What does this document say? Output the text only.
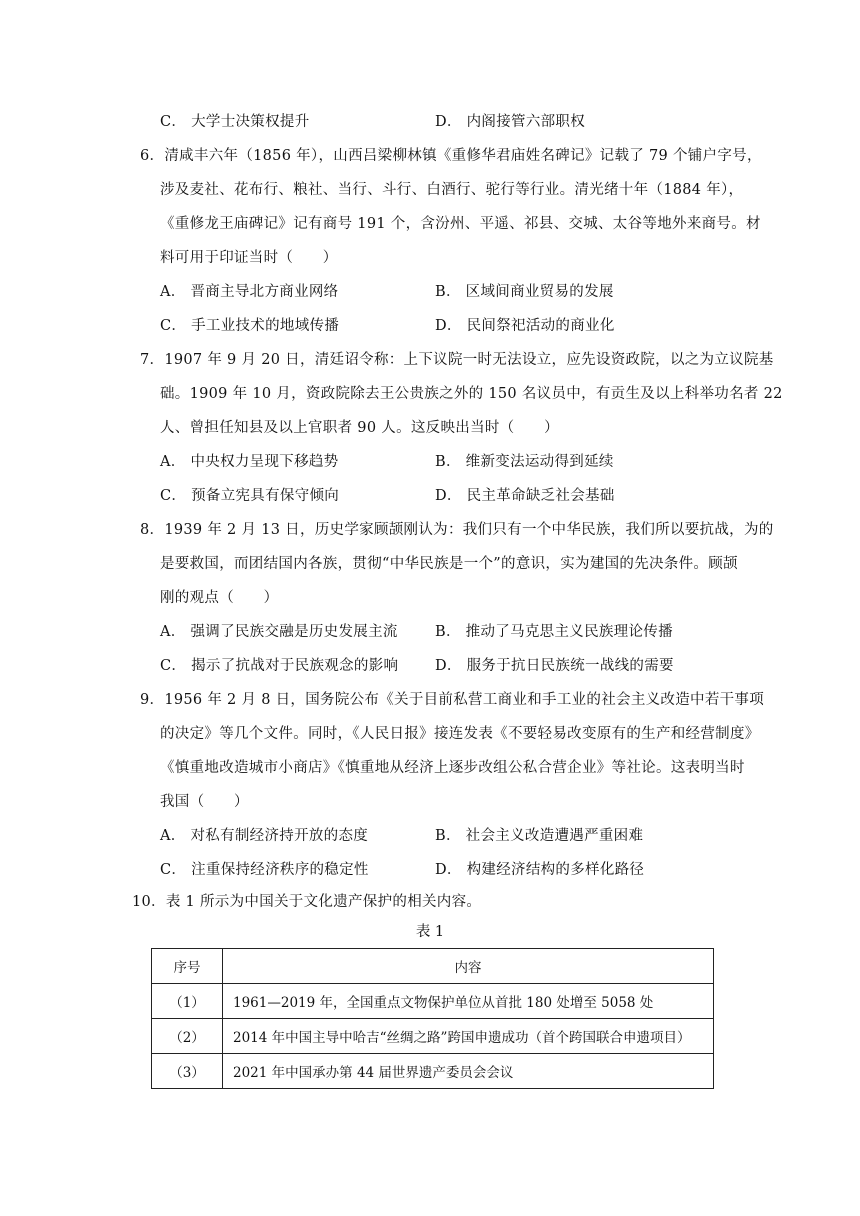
C． 大学士决策权提升	D． 内阁接管六部职权
6．清咸丰六年（1856 年），山西吕梁柳林镇《重修华君庙姓名碑记》记载了 79 个铺户字号，
涉及麦社、花布行、粮社、当行、斗行、白酒行、驼行等行业。清光绪十年（1884 年），
《重修龙王庙碑记》记有商号 191 个，含汾州、平遥、祁县、交城、太谷等地外来商号。材
料可用于印证当时（　　）
A． 晋商主导北方商业网络	B． 区域间商业贸易的发展
C． 手工业技术的地域传播	D． 民间祭祀活动的商业化
7．1907 年 9 月 20 日，清廷诏令称：上下议院一时无法设立，应先设资政院，以之为立议院基
础。1909 年 10 月，资政院除去王公贵族之外的 150 名议员中，有贡生及以上科举功名者 22
人、曾担任知县及以上官职者 90 人。这反映出当时（　　）
A． 中央权力呈现下移趋势	B． 维新变法运动得到延续
C． 预备立宪具有保守倾向	D． 民主革命缺乏社会基础
8．1939 年 2 月 13 日，历史学家顾颉刚认为：我们只有一个中华民族，我们所以要抗战，为的
是要救国，而团结国内各族，贯彻“中华民族是一个”的意识，实为建国的先决条件。顾颉
刚的观点（　　）
A． 强调了民族交融是历史发展主流	B． 推动了马克思主义民族理论传播
C． 揭示了抗战对于民族观念的影响	D． 服务于抗日民族统一战线的需要
9．1956 年 2 月 8 日，国务院公布《关于目前私营工商业和手工业的社会主义改造中若干事项
的决定》等几个文件。同时，《人民日报》接连发表《不要轻易改变原有的生产和经营制度》
《慎重地改造城市小商店》《慎重地从经济上逐步改组公私合营企业》等社论。这表明当时
我国（　　）
A． 对私有制经济持开放的态度	B． 社会主义改造遭遇严重困难
C． 注重保持经济秩序的稳定性	D． 构建经济结构的多样化路径
10．表 1 所示为中国关于文化遗产保护的相关内容。
表 1
序号	内容
（1）	1961—2019 年，全国重点文物保护单位从首批 180 处增至 5058 处
（2）	2014 年中国主导中哈吉“丝绸之路”跨国申遗成功（首个跨国联合申遗项目）
（3）	2021 年中国承办第 44 届世界遗产委员会会议
